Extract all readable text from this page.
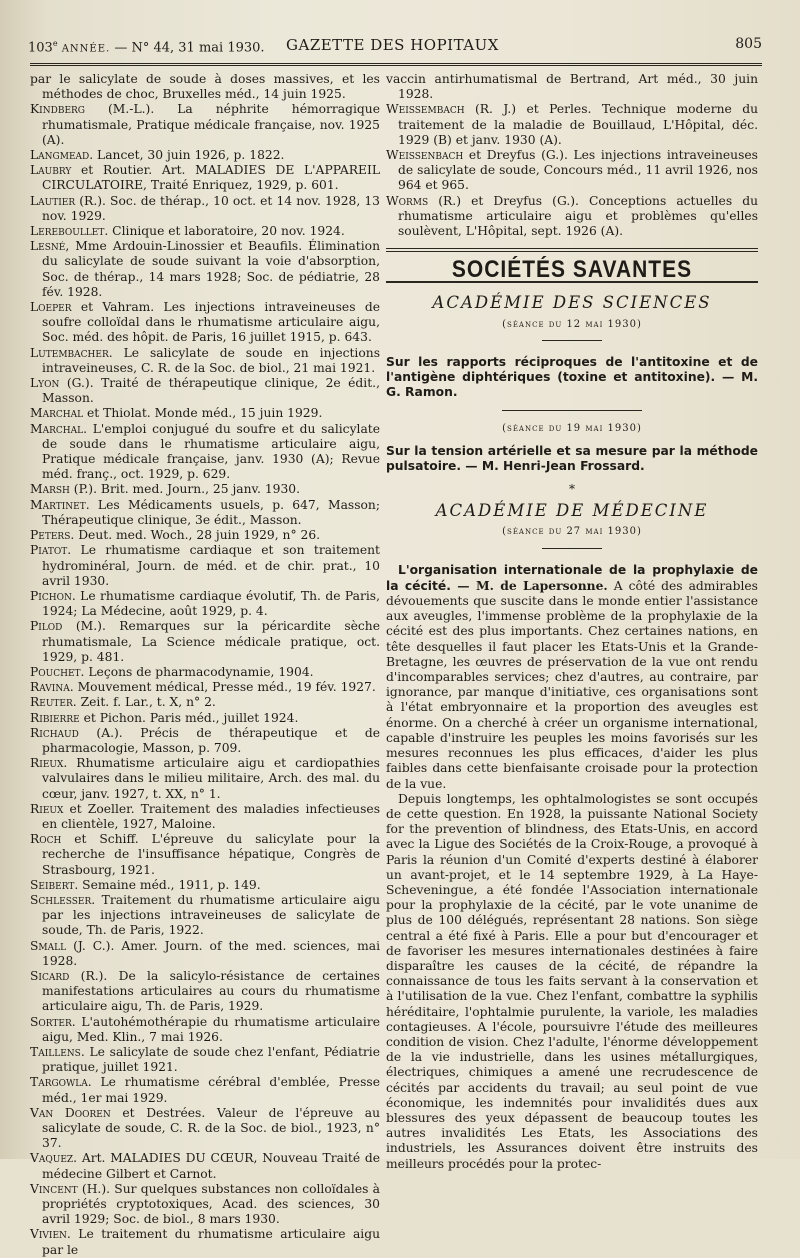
103e ANNÉE. — N° 44, 31 mai 1930. GAZETTE DES HOPITAUX	805

par le salicylate de soude à doses massives, et les méthodes de choc, Bruxelles méd., 14 juin 1925.

Kindberg (M.-L.). La néphrite hémorragique rhumatismale, Pratique médicale française, nov. 1925 (A).

Langmead. Lancet, 30 juin 1926, p. 1822.

Laubry et Routier. Art. MALADIES DE L'APPAREIL CIRCULATOIRE, Traité Enriquez, 1929, p. 601.

Lautier (R.). Soc. de thérap., 10 oct. et 14 nov. 1928, 13 nov. 1929.

Lereboullet. Clinique et laboratoire, 20 nov. 1924.

Lesné, Mme Ardouin-Linossier et Beaufils. Élimination du salicylate de soude suivant la voie d'absorption, Soc. de thérap., 14 mars 1928; Soc. de pédiatrie, 28 fév. 1928.

Loeper et Vahram. Les injections intraveineuses de soufre colloïdal dans le rhumatisme articulaire aigu, Soc. méd. des hôpit. de Paris, 16 juillet 1915, p. 643.

Lutembacher. Le salicylate de soude en injections intraveineuses, C. R. de la Soc. de biol., 21 mai 1921.

Lyon (G.). Traité de thérapeutique clinique, 2e édit., Masson.

Marchal et Thiolat. Monde méd., 15 juin 1929.

Marchal. L'emploi conjugué du soufre et du salicylate de soude dans le rhumatisme articulaire aigu, Pratique médicale française, janv. 1930 (A); Revue méd. franç., oct. 1929, p. 629.

Marsh (P.). Brit. med. Journ., 25 janv. 1930.

Martinet. Les Médicaments usuels, p. 647, Masson; Thérapeutique clinique, 3e édit., Masson.

Peters. Deut. med. Woch., 28 juin 1929, n° 26.

Piatot. Le rhumatisme cardiaque et son traitement hydrominéral, Journ. de méd. et de chir. prat., 10 avril 1930.

Pichon. Le rhumatisme cardiaque évolutif, Th. de Paris, 1924; La Médecine, août 1929, p. 4.

Pilod (M.). Remarques sur la péricardite sèche rhumatismale, La Science médicale pratique, oct. 1929, p. 481.

Pouchet. Leçons de pharmacodynamie, 1904.

Ravina. Mouvement médical, Presse méd., 19 fév. 1927.

Reuter. Zeit. f. Lar., t. X, n° 2.

Ribierre et Pichon. Paris méd., juillet 1924.

Richaud (A.). Précis de thérapeutique et de pharmacologie, Masson, p. 709.

Rieux. Rhumatisme articulaire aigu et cardiopathies valvulaires dans le milieu militaire, Arch. des mal. du cœur, janv. 1927, t. XX, n° 1.

Rieux et Zoeller. Traitement des maladies infectieuses en clientèle, 1927, Maloine.

Roch et Schiff. L'épreuve du salicylate pour la recherche de l'insuffisance hépatique, Congrès de Strasbourg, 1921.

Seibert. Semaine méd., 1911, p. 149.

Schlesser. Traitement du rhumatisme articulaire aigu par les injections intraveineuses de salicylate de soude, Th. de Paris, 1922.

Small (J. C.). Amer. Journ. of the med. sciences, mai 1928.

Sicard (R.). De la salicylo-résistance de certaines manifestations articulaires au cours du rhumatisme articulaire aigu, Th. de Paris, 1929.

Sorter. L'autohémothérapie du rhumatisme articulaire aigu, Med. Klin., 7 mai 1926.

Taillens. Le salicylate de soude chez l'enfant, Pédiatrie pratique, juillet 1921.

Targowla. Le rhumatisme cérébral d'emblée, Presse méd., 1er mai 1929.

Van Dooren et Destrées. Valeur de l'épreuve au salicylate de soude, C. R. de la Soc. de biol., 1923, n° 37.

Vaquez. Art. MALADIES DU CŒUR, Nouveau Traité de médecine Gilbert et Carnot.

Vincent (H.). Sur quelques substances non colloïdales à propriétés cryptotoxiques, Acad. des sciences, 30 avril 1929; Soc. de biol., 8 mars 1930.

Vivien. Le traitement du rhumatisme articulaire aigu par le

vaccin antirhumatismal de Bertrand, Art méd., 30 juin 1928.

Weissembach (R. J.) et Perles. Technique moderne du traitement de la maladie de Bouillaud, L'Hôpital, déc. 1929 (B) et janv. 1930 (A).

Weissenbach et Dreyfus (G.). Les injections intraveineuses de salicylate de soude, Concours méd., 11 avril 1926, nos 964 et 965.

Worms (R.) et Dreyfus (G.). Conceptions actuelles du rhumatisme articulaire aigu et problèmes qu'elles soulèvent, L'Hôpital, sept. 1926 (A).

SOCIÉTÉS SAVANTES
ACADÉMIE DES SCIENCES
(séance du 12 mai 1930)

Sur les rapports réciproques de l'antitoxine et de l'antigène diphtériques (toxine et antitoxine). — M. G. Ramon.

(séance du 19 mai 1930)

Sur la tension artérielle et sa mesure par la méthode pulsatoire. — M. Henri-Jean Frossard.

*
ACADÉMIE DE MÉDECINE
(séance du 27 mai 1930)

L'organisation internationale de la prophylaxie de la cécité. — M. de Lapersonne. A côté des admirables dévouements que suscite dans le monde entier l'assistance aux aveugles, l'immense problème de la prophylaxie de la cécité est des plus importants. Chez certaines nations, en tête desquelles il faut placer les Etats-Unis et la Grande-Bretagne, les œuvres de préservation de la vue ont rendu d'incomparables services; chez d'autres, au contraire, par ignorance, par manque d'initiative, ces organisations sont à l'état embryonnaire et la proportion des aveugles est énorme. On a cherché à créer un organisme international, capable d'instruire les peuples les moins favorisés sur les mesures reconnues les plus efficaces, d'aider les plus faibles dans cette bienfaisante croisade pour la protection de la vue.

Depuis longtemps, les ophtalmologistes se sont occupés de cette question. En 1928, la puissante National Society for the prevention of blindness, des Etats-Unis, en accord avec la Ligue des Sociétés de la Croix-Rouge, a provoqué à Paris la réunion d'un Comité d'experts destiné à élaborer un avant-projet, et le 14 septembre 1929, à La Haye-Scheveningue, a été fondée l'Association internationale pour la prophylaxie de la cécité, par le vote unanime de plus de 100 délégués, représentant 28 nations. Son siège central a été fixé à Paris. Elle a pour but d'encourager et de favoriser les mesures internationales destinées à faire disparaître les causes de la cécité, de répandre la connaissance de tous les faits servant à la conservation et à l'utilisation de la vue. Chez l'enfant, combattre la syphilis héréditaire, l'ophtalmie purulente, la variole, les maladies contagieuses. A l'école, poursuivre l'étude des meilleures condition de vision. Chez l'adulte, l'énorme développement de la vie industrielle, dans les usines métallurgiques, électriques, chimiques a amené une recrudescence de cécités par accidents du travail; au seul point de vue économique, les indemnités pour invalidités dues aux blessures des yeux dépassent de beaucoup toutes les autres invalidités Les Etats, les Associations des industriels, les Assurances doivent être instruits des meilleurs procédés pour la protec-
